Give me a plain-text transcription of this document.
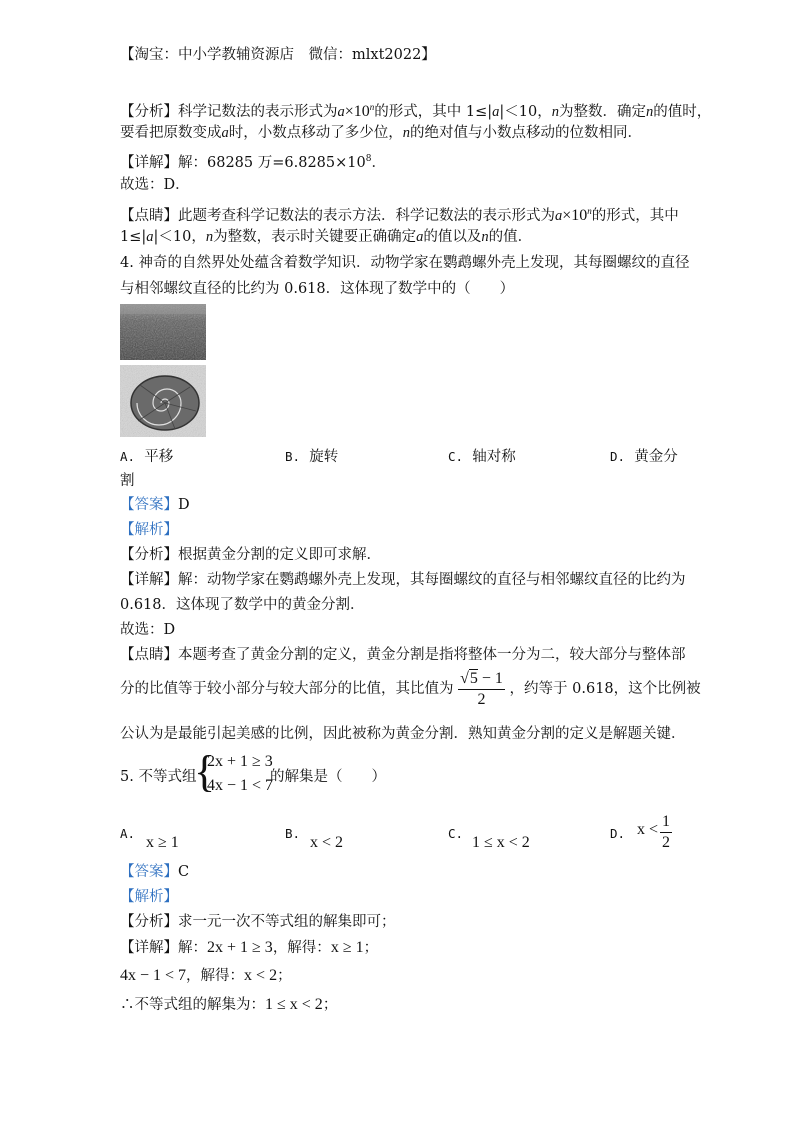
【淘宝：中小学教辅资源店　微信：mlxt2022】
【分析】科学记数法的表示形式为$a\times 10^n$的形式，其中 1≤|a|＜10，n为整数．确定n的值时，
要看把原数变成a时，小数点移动了多少位，n的绝对值与小数点移动的位数相同．
【详解】解：68285 万$=6.8285\times 10^8$．
故选：D．
【点睛】此题考查科学记数法的表示方法．科学记数法的表示形式为$a\times 10^n$的形式，其中
1≤|a|＜10，n为整数，表示时关键要正确确定a的值以及n的值．
4. 神奇的自然界处处蕴含着数学知识．动物学家在鹦鹉螺外壳上发现，其每圈螺纹的直径
与相邻螺纹直径的比约为 0.618．这体现了数学中的（　　）
A. 平移	B. 旋转	C. 轴对称	D. 黄金分
割
【答案】D
【解析】
【分析】根据黄金分割的定义即可求解．
【详解】解：动物学家在鹦鹉螺外壳上发现，其每圈螺纹的直径与相邻螺纹直径的比约为
0.618．这体现了数学中的黄金分割．
故选：D
【点睛】本题考查了黄金分割的定义，黄金分割是指将整体一分为二，较大部分与整体部
分的比值等于较小部分与较大部分的比值，其比值为 $\frac{√5 - 1}{2}$ ，约等于 0.618，这个比例被
公认为是最能引起美感的比例，因此被称为黄金分割．熟知黄金分割的定义是解题关键．
5. 不等式组
{
2x + 1 ≥ 3
4x − 1 < 7
的解集是（　　）
A.
x ≥ 1
B.
x < 2
C.
1 ≤ x < 2
D. $x < \frac{1}{2}$
【答案】C
【解析】
【分析】求一元一次不等式组的解集即可；
【详解】解：2x + 1 ≥ 3，解得：x ≥ 1；
4x − 1 < 7，解得：x < 2；
∴不等式组的解集为：1 ≤ x < 2；
